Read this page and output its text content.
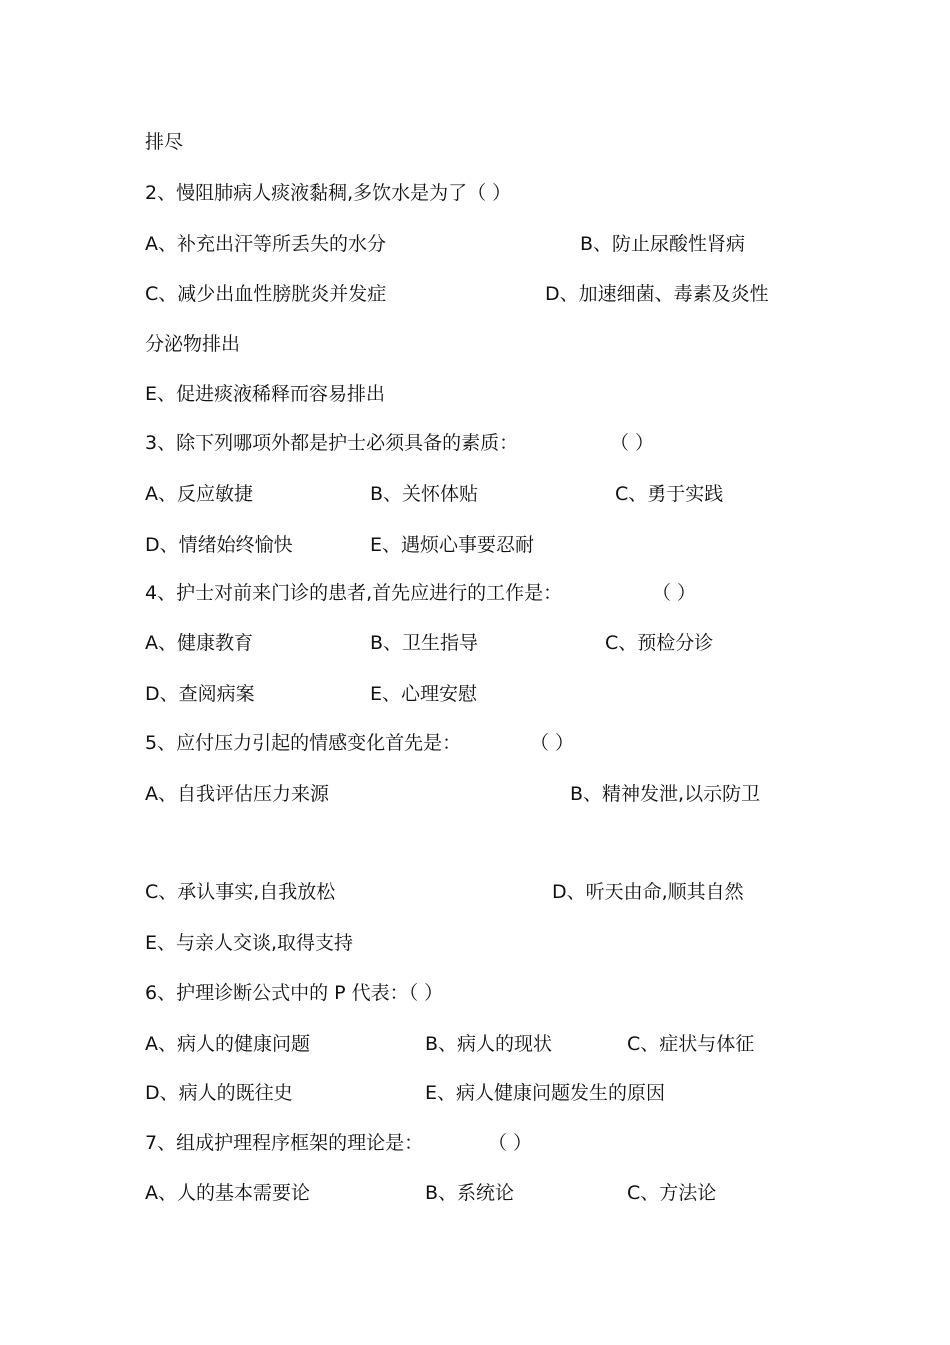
排尽
2、慢阻肺病人痰液黏稠,多饮水是为了（ ）
A、补充出汗等所丢失的水分	B、防止尿酸性肾病
C、减少出血性膀胱炎并发症	D、加速细菌、毒素及炎性
分泌物排出
E、促进痰液稀释而容易排出
3、除下列哪项外都是护士必须具备的素质：	（ ）
A、反应敏捷	B、关怀体贴	C、勇于实践
D、情绪始终愉快	E、遇烦心事要忍耐
4、护士对前来门诊的患者,首先应进行的工作是：	（ ）
A、健康教育	B、卫生指导	C、预检分诊
D、查阅病案	E、心理安慰
5、应付压力引起的情感变化首先是：	（ ）
A、自我评估压力来源	B、精神发泄,以示防卫
C、承认事实,自我放松	D、听天由命,顺其自然
E、与亲人交谈,取得支持
6、护理诊断公式中的 P 代表：（ ）
A、病人的健康问题	B、病人的现状	C、症状与体征
D、病人的既往史	E、病人健康问题发生的原因
7、组成护理程序框架的理论是：	（ ）
A、人的基本需要论	B、系统论	C、方法论
